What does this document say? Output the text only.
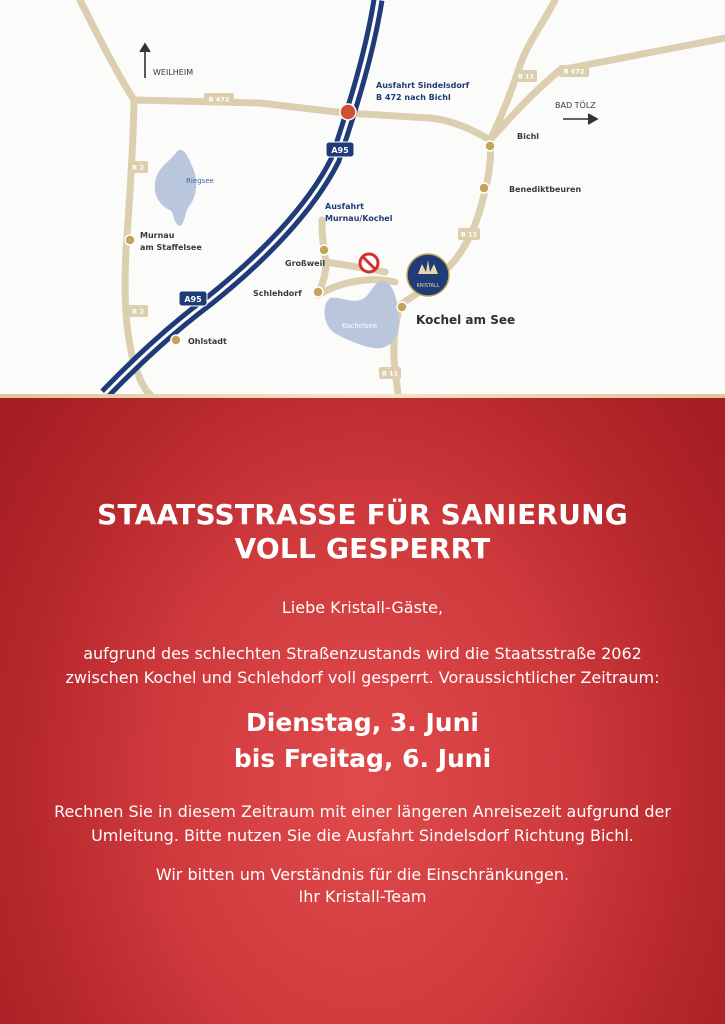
KRISTALL
A95
A95
B 472
B 472
B 2
B 2
B 11
B 11
B 11
WEILHEIM
BAD TÖLZ
Bichl
Benediktbeuren
Murnau
am Staffelsee
Großweil
Schlehdorf
Ohlstadt
Kochel am See
Riegsee
Kochelsee
Ausfahrt Sindelsdorf
B 472 nach Bichl
Ausfahrt
Murnau/Kochel
STAATSSTRASSE FÜR SANIERUNG
VOLL GESPERRT
Liebe Kristall-Gäste,
aufgrund des schlechten Straßenzustands wird die Staatsstraße 2062
zwischen Kochel und Schlehdorf voll gesperrt. Voraussichtlicher Zeitraum:
Dienstag, 3. Juni
bis Freitag, 6. Juni
Rechnen Sie in diesem Zeitraum mit einer längeren Anreisezeit aufgrund der
Umleitung. Bitte nutzen Sie die Ausfahrt Sindelsdorf Richtung Bichl.
Wir bitten um Verständnis für die Einschränkungen.
Ihr Kristall-Team
